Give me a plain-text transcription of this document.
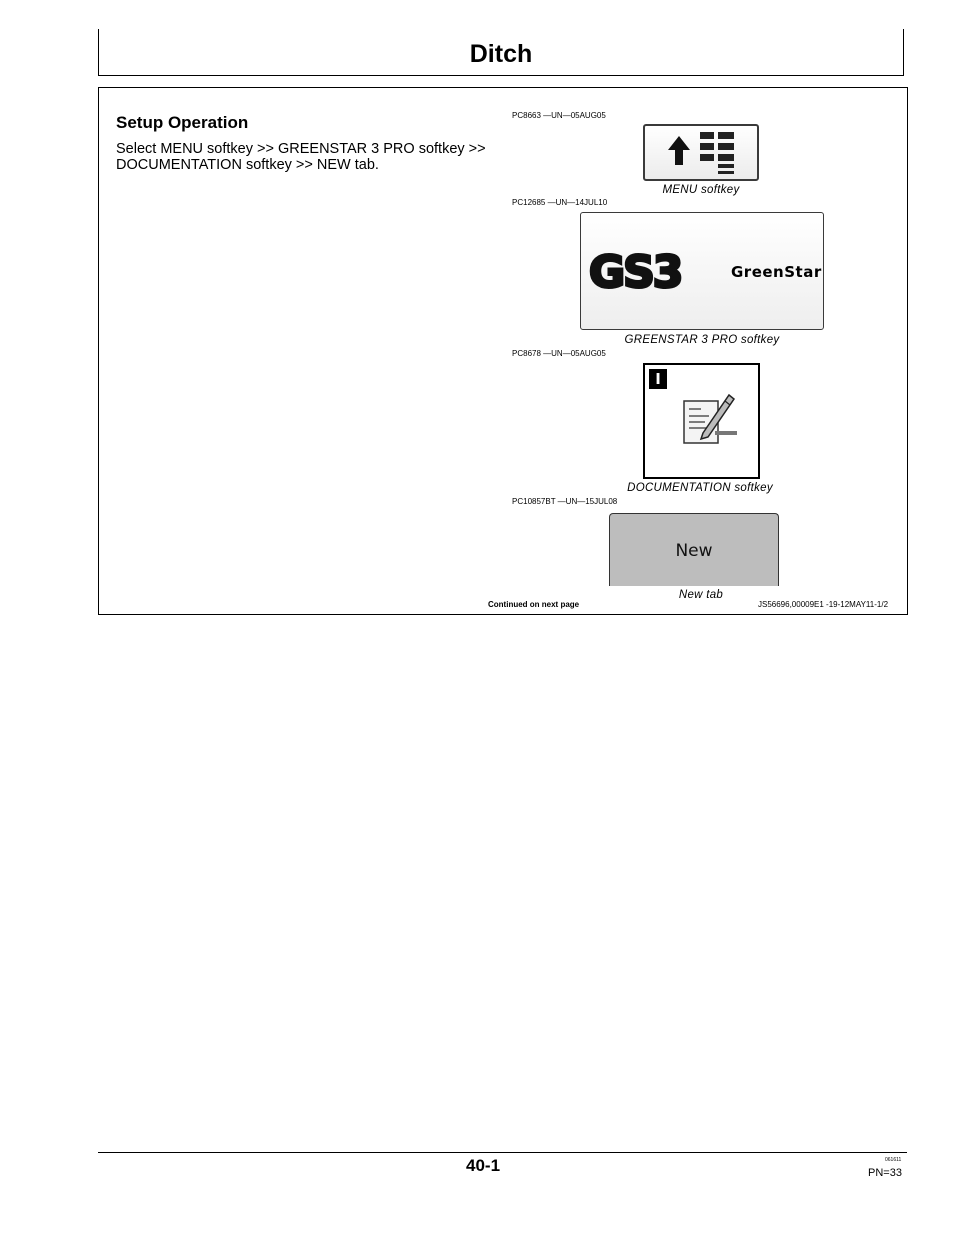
Ditch
Setup Operation
Select MENU softkey >> GREENSTAR 3 PRO softkey >> DOCUMENTATION softkey >> NEW tab.
PC8663 —UN—05AUG05
MENU softkey
PC12685 —UN—14JUL10
GS3	GreenStar
GREENSTAR 3 PRO softkey
PC8678 —UN—05AUG05
I
DOCUMENTATION softkey
PC10857BT —UN—15JUL08
New
New tab
Continued on next page	JS56696,00009E1 -19-12MAY11-1/2
40-1	061611
PN=33
